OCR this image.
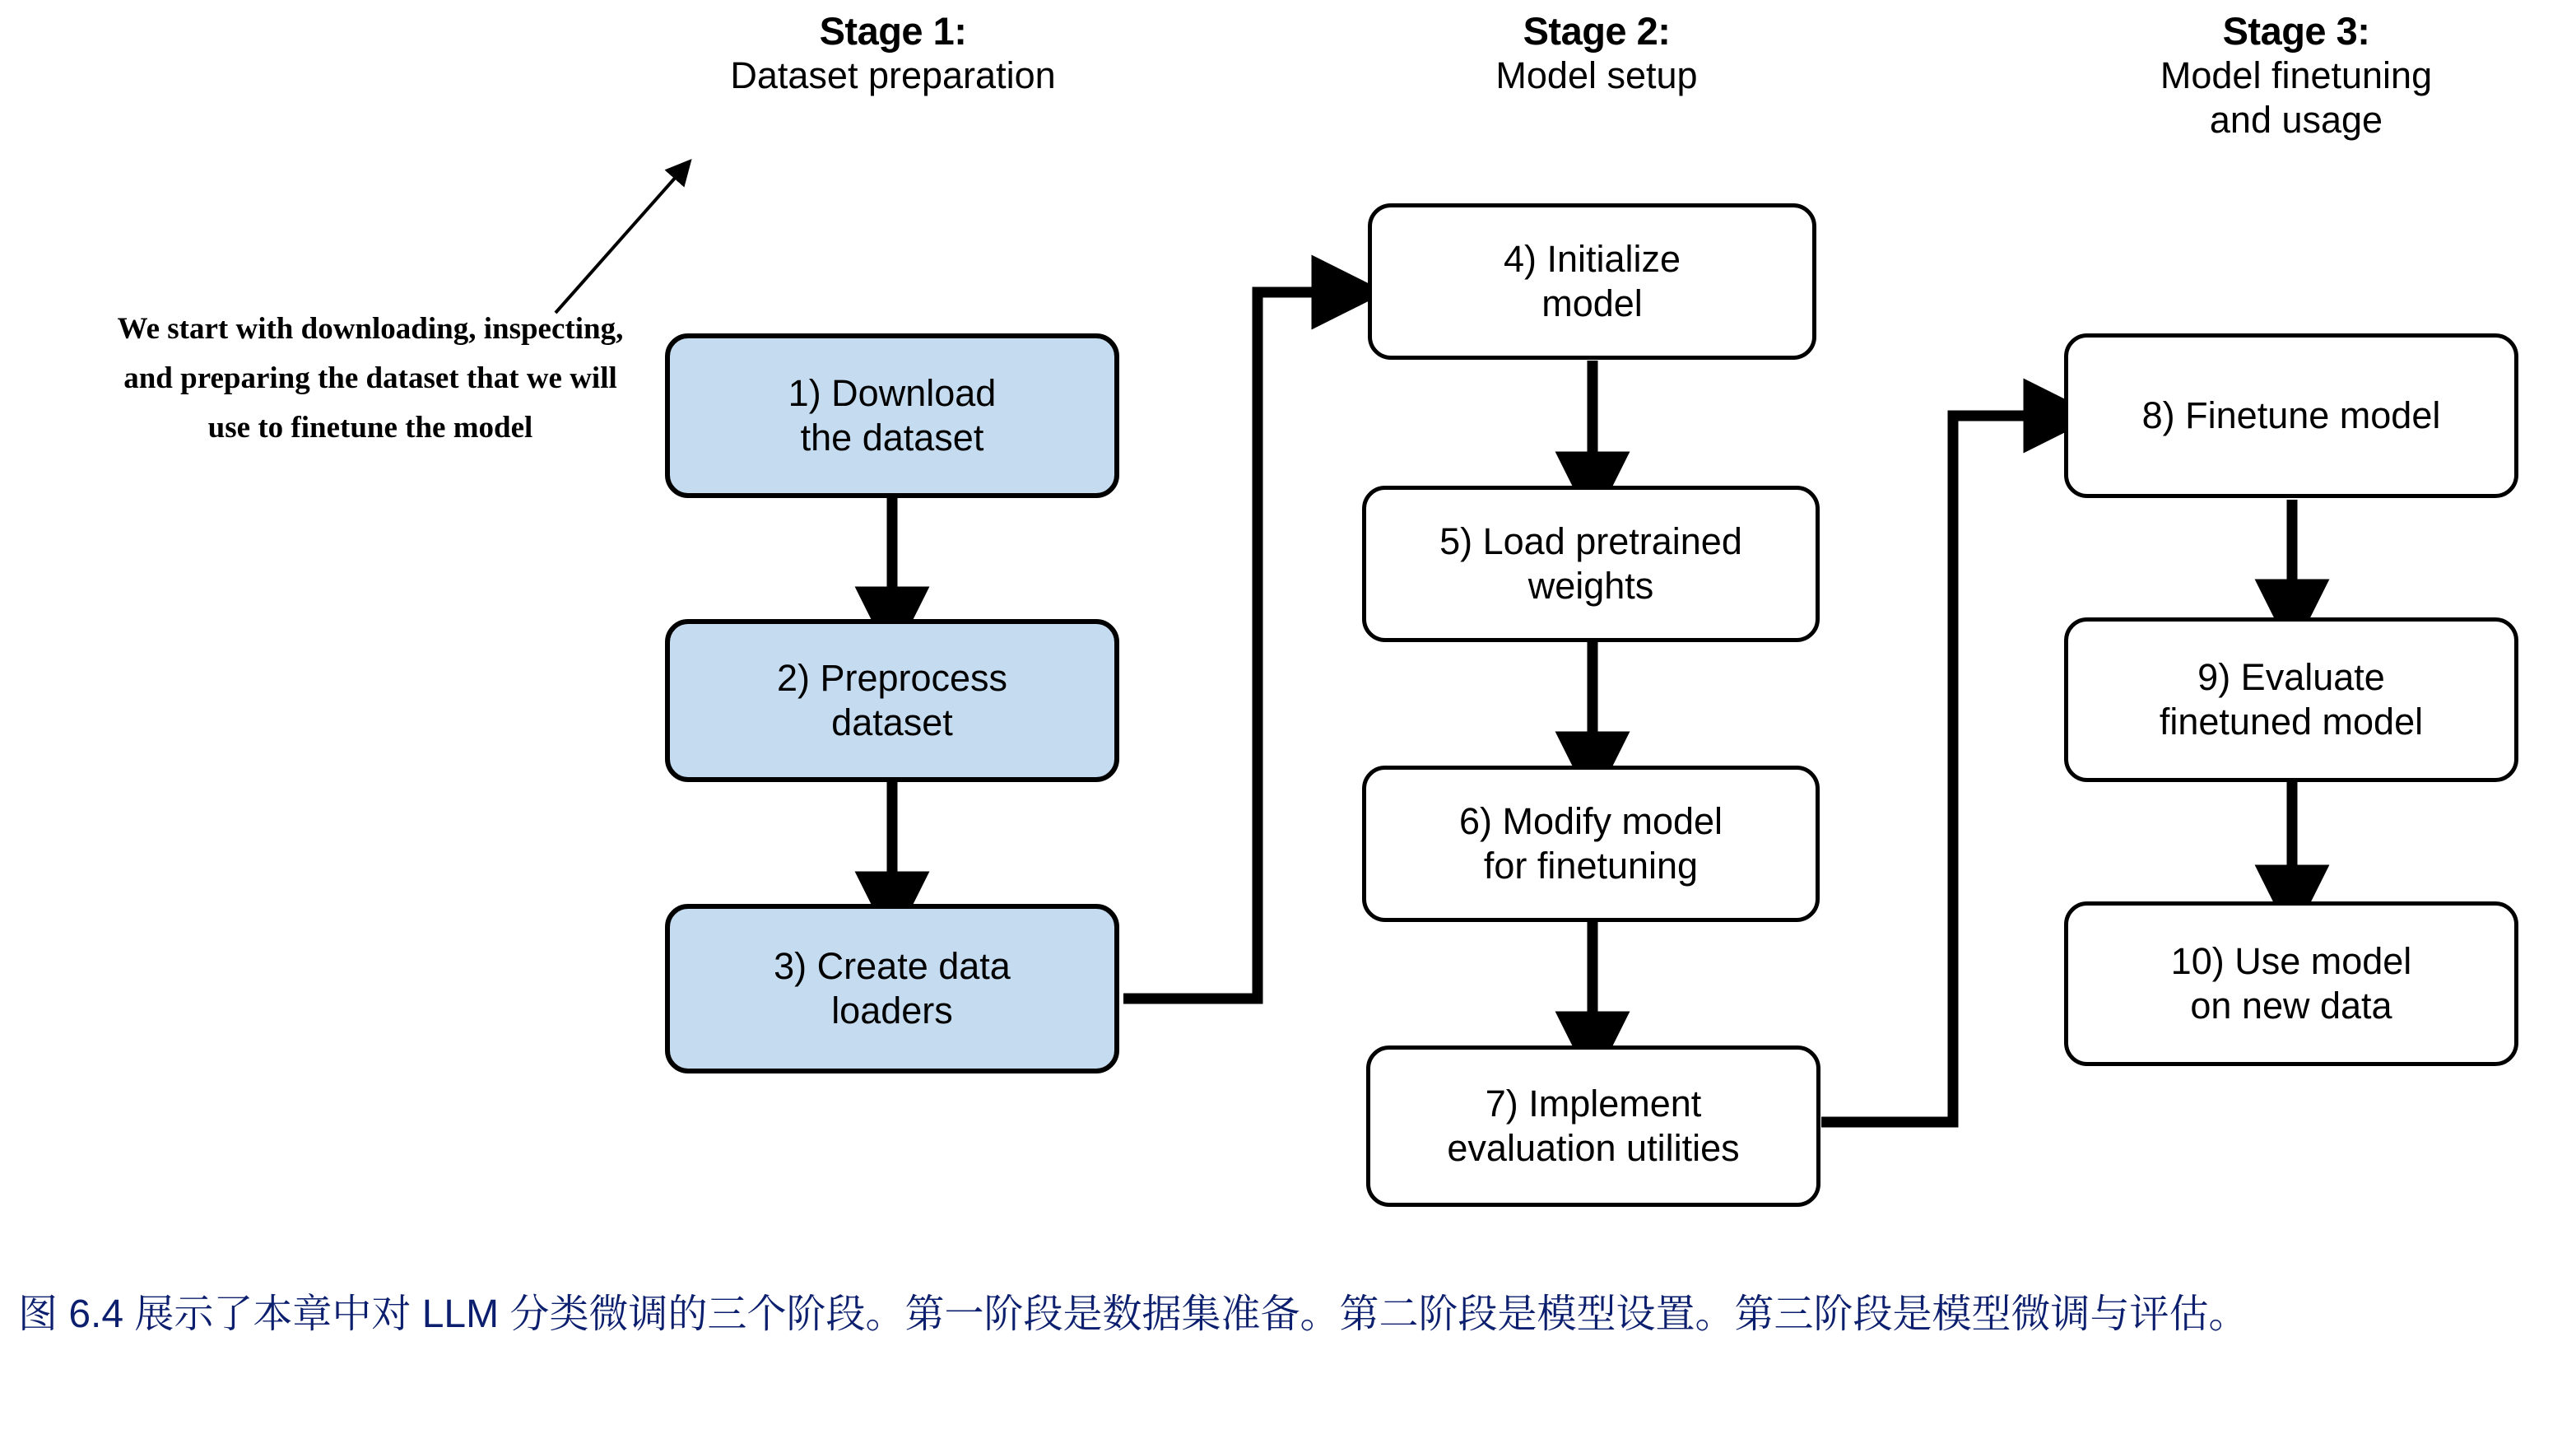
Stage 1:
Dataset preparation
Stage 2:
Model setup
Stage 3:
Model finetuning
and usage
We start with downloading, inspecting, and preparing the dataset that we will use to finetune the model
1) Download
the dataset
2) Preprocess
dataset
3) Create data
loaders
4) Initialize
model
5) Load pretrained
weights
6) Modify model
for finetuning
7) Implement
evaluation utilities
8) Finetune model
9) Evaluate
finetuned model
10) Use model
on new data
图 6.4 展示了本章中对 LLM 分类微调的三个阶段。第一阶段是数据集准备。第二阶段是模型设置。第三阶段是模型微调与评估。
